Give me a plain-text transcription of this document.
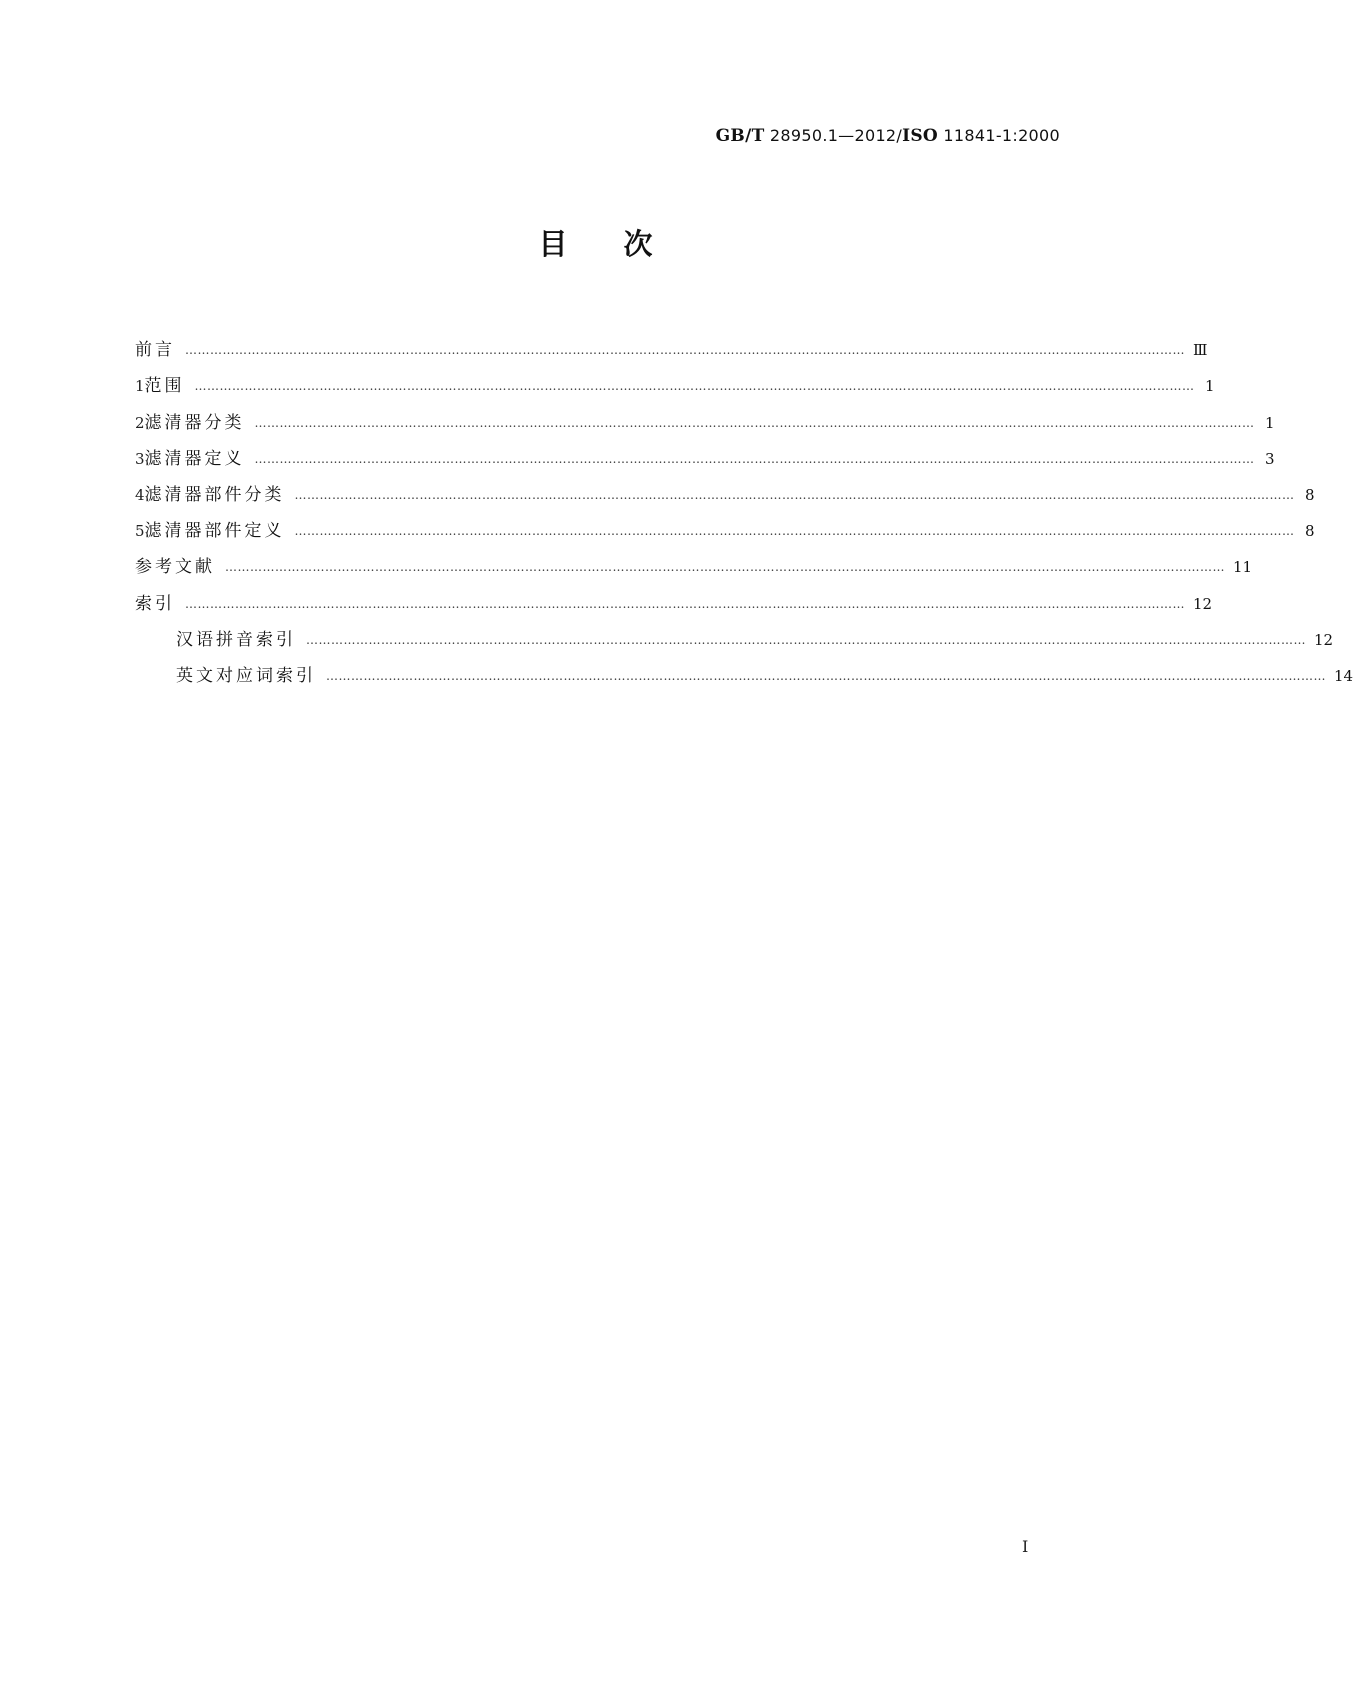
GB/T 28950.1—2012/ISO 11841-1:2000
目次
前言 …………………………………………………………………………………………………………………………………………………………………………………………………………………… Ⅲ
1 范围 …………………………………………………………………………………………………………………………………………………………………………………………………………………… 1
2 滤清器分类 …………………………………………………………………………………………………………………………………………………………………………………………………………………… 1
3 滤清器定义 …………………………………………………………………………………………………………………………………………………………………………………………………………………… 3
4 滤清器部件分类 …………………………………………………………………………………………………………………………………………………………………………………………………………………… 8
5 滤清器部件定义 …………………………………………………………………………………………………………………………………………………………………………………………………………………… 8
参考文献 …………………………………………………………………………………………………………………………………………………………………………………………………………………… 11
索引 …………………………………………………………………………………………………………………………………………………………………………………………………………………… 12
汉语拼音索引 …………………………………………………………………………………………………………………………………………………………………………………………………………………… 12
英文对应词索引 …………………………………………………………………………………………………………………………………………………………………………………………………………………… 14
Ⅰ
